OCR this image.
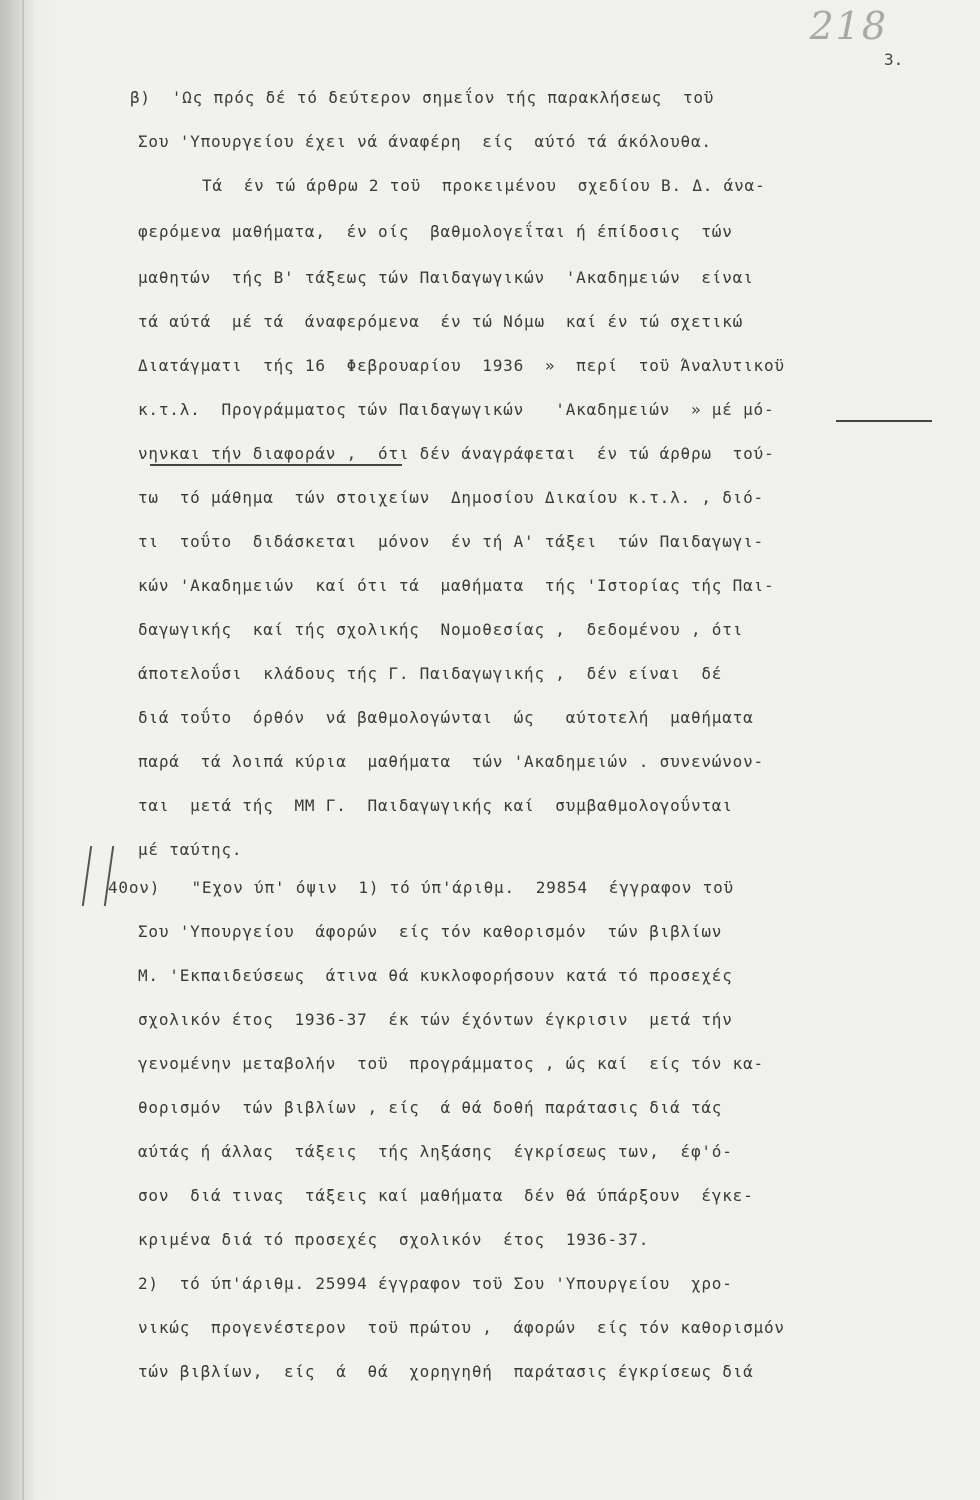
218
3.
β)  'Ως πρός δέ τό δεύτερον σημεΐον τής παρακλήσεως  τοϋ
Σου 'Υπουργείου έχει νά άναφέρη  είς  αύτό τά άκόλουθα.
Τά  έν τώ άρθρω 2 τοϋ  προκειμένου  σχεδίου Β. Δ. άνα-
φερόμενα μαθήματα,  έν οίς  βαθμολογεΐται ή έπίδοσις  τών
μαθητών  τής Β' τάξεως τών Παιδαγωγικών  'Ακαδημειών  είναι
τά αύτά  μέ τά  άναφερόμενα  έν τώ Νόμω  καί έν τώ σχετικώ
Διατάγματι  τής 16  Φεβρουαρίου  1936  »  περί  τοϋ Άναλυτικοϋ
κ.τ.λ.  Προγράμματος τών Παιδαγωγικών   'Ακαδημειών  » μέ μό-
νηνκαι τήν διαφοράν ,  ότι δέν άναγράφεται  έν τώ άρθρω  τού-
τω  τό μάθημα  τών στοιχείων  Δημοσίου Δικαίου κ.τ.λ. , διό-
τι  τοΰτο  διδάσκεται  μόνον  έν τή Α' τάξει  τών Παιδαγωγι-
κών 'Ακαδημειών  καί ότι τά  μαθήματα  τής 'Ιστορίας τής Παι-
δαγωγικής  καί τής σχολικής  Νομοθεσίας ,  δεδομένου , ότι
άποτελοΰσι  κλάδους τής Γ. Παιδαγωγικής ,  δέν είναι  δέ
διά τοΰτο  όρθόν  νά βαθμολογώνται  ώς   αύτοτελή  μαθήματα
παρά  τά λοιπά κύρια  μαθήματα  τών 'Ακαδημειών . συνενώνον-
ται  μετά τής  ΜΜ Γ.  Παιδαγωγικής καί  συμβαθμολογοΰνται
μέ ταύτης.
40ον)   "Εχον ύπ' όψιν  1) τό ύπ'άριθμ.  29854  έγγραφον τοϋ
Σου 'Υπουργείου  άφορών  είς τόν καθορισμόν  τών βιβλίων
Μ. 'Εκπαιδεύσεως  άτινα θά κυκλοφορήσουν κατά τό προσεχές
σχολικόν έτος  1936-37  έκ τών έχόντων έγκρισιν  μετά τήν
γενομένην μεταβολήν  τοϋ  προγράμματος , ώς καί  είς τόν κα-
θορισμόν  τών βιβλίων , είς  ά θά δοθή παράτασις διά τάς
αύτάς ή άλλας  τάξεις  τής ληξάσης  έγκρίσεως των,  έφ'ό-
σον  διά τινας  τάξεις καί μαθήματα  δέν θά ύπάρξουν  έγκε-
κριμένα διά τό προσεχές  σχολικόν  έτος  1936-37.
2)  τό ύπ'άριθμ. 25994 έγγραφον τοϋ Σου 'Υπουργείου  χρο-
νικώς  προγενέστερον  τοϋ πρώτου ,  άφορών  είς τόν καθορισμόν
τών βιβλίων,  είς  ά  θά  χορηγηθή  παράτασις έγκρίσεως διά
